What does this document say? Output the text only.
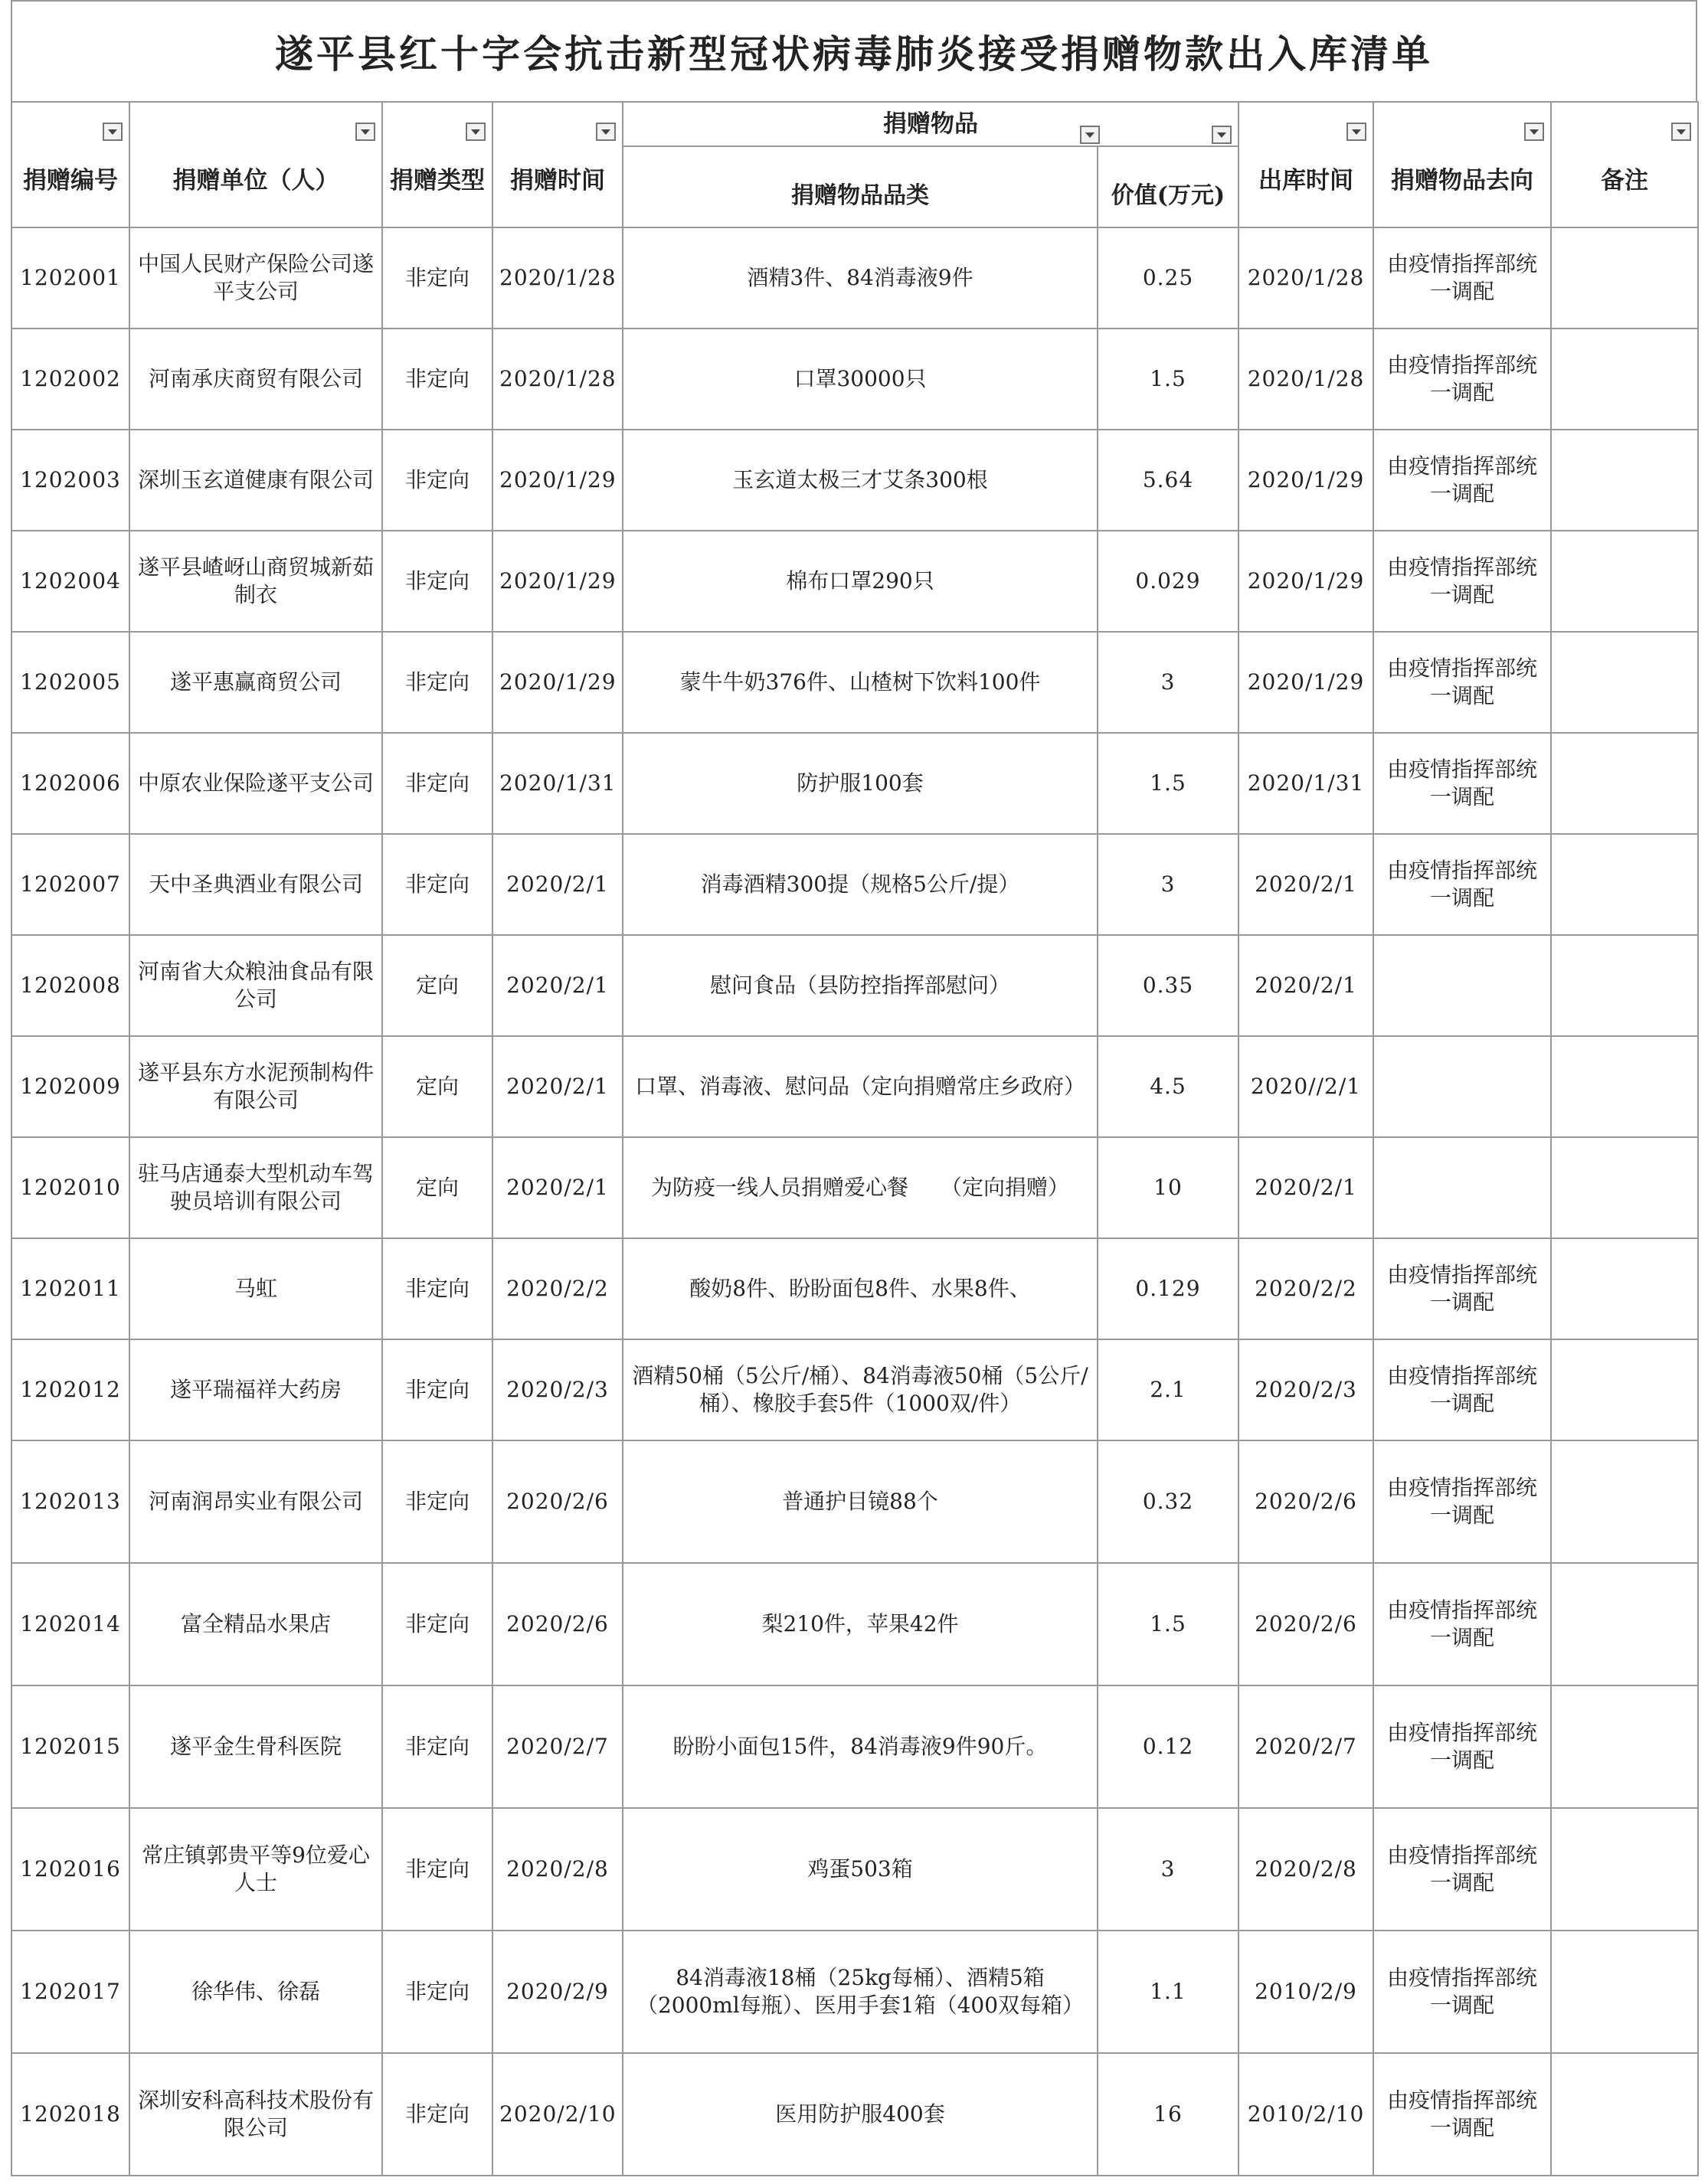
遂平县红十字会抗击新型冠状病毒肺炎接受捐赠物款出入库清单
捐赠编号	捐赠单位（人）	捐赠类型	捐赠时间	捐赠物品		出库时间	捐赠物品去向	备注

				捐赠物品品类	价值(万元)			
1202001	中国人民财产保险公司遂平支公司	非定向	2020/1/28	酒精3件、84消毒液9件	0.25	2020/1/28	由疫情指挥部统一调配	
1202002	河南承庆商贸有限公司	非定向	2020/1/28	口罩30000只	1.5	2020/1/28	由疫情指挥部统一调配	
1202003	深圳玉玄道健康有限公司	非定向	2020/1/29	玉玄道太极三才艾条300根	5.64	2020/1/29	由疫情指挥部统一调配	
1202004	遂平县嵖岈山商贸城新茹制衣	非定向	2020/1/29	棉布口罩290只	0.029	2020/1/29	由疫情指挥部统一调配	
1202005	遂平惠赢商贸公司	非定向	2020/1/29	蒙牛牛奶376件、山楂树下饮料100件	3	2020/1/29	由疫情指挥部统一调配	
1202006	中原农业保险遂平支公司	非定向	2020/1/31	防护服100套	1.5	2020/1/31	由疫情指挥部统一调配	
1202007	天中圣典酒业有限公司	非定向	2020/2/1	消毒酒精300提（规格5公斤/提）	3	2020/2/1	由疫情指挥部统一调配	
1202008	河南省大众粮油食品有限公司	定向	2020/2/1	慰问食品（县防控指挥部慰问）	0.35	2020/2/1		
1202009	遂平县东方水泥预制构件有限公司	定向	2020/2/1	口罩、消毒液、慰问品（定向捐赠常庄乡政府）	4.5	2020//2/1		
1202010	驻马店通泰大型机动车驾驶员培训有限公司	定向	2020/2/1	为防疫一线人员捐赠爱心餐　　（定向捐赠）	10	2020/2/1		
1202011	马虹	非定向	2020/2/2	酸奶8件、盼盼面包8件、水果8件、	0.129	2020/2/2	由疫情指挥部统一调配	
1202012	遂平瑞福祥大药房	非定向	2020/2/3	酒精50桶（5公斤/桶）、84消毒液50桶（5公斤/桶）、橡胶手套5件（1000双/件）	2.1	2020/2/3	由疫情指挥部统一调配	
1202013	河南润昂实业有限公司	非定向	2020/2/6	普通护目镜88个	0.32	2020/2/6	由疫情指挥部统一调配	
1202014	富全精品水果店	非定向	2020/2/6	梨210件，苹果42件	1.5	2020/2/6	由疫情指挥部统一调配	
1202015	遂平金生骨科医院	非定向	2020/2/7	盼盼小面包15件，84消毒液9件90斤。	0.12	2020/2/7	由疫情指挥部统一调配	
1202016	常庄镇郭贵平等9位爱心人士	非定向	2020/2/8	鸡蛋503箱	3	2020/2/8	由疫情指挥部统一调配	
1202017	徐华伟、徐磊	非定向	2020/2/9	84消毒液18桶（25kg每桶）、酒精5箱（2000ml每瓶）、医用手套1箱（400双每箱）	1.1	2010/2/9	由疫情指挥部统一调配	
1202018	深圳安科高科技术股份有限公司	非定向	2020/2/10	医用防护服400套	16	2010/2/10	由疫情指挥部统一调配	
